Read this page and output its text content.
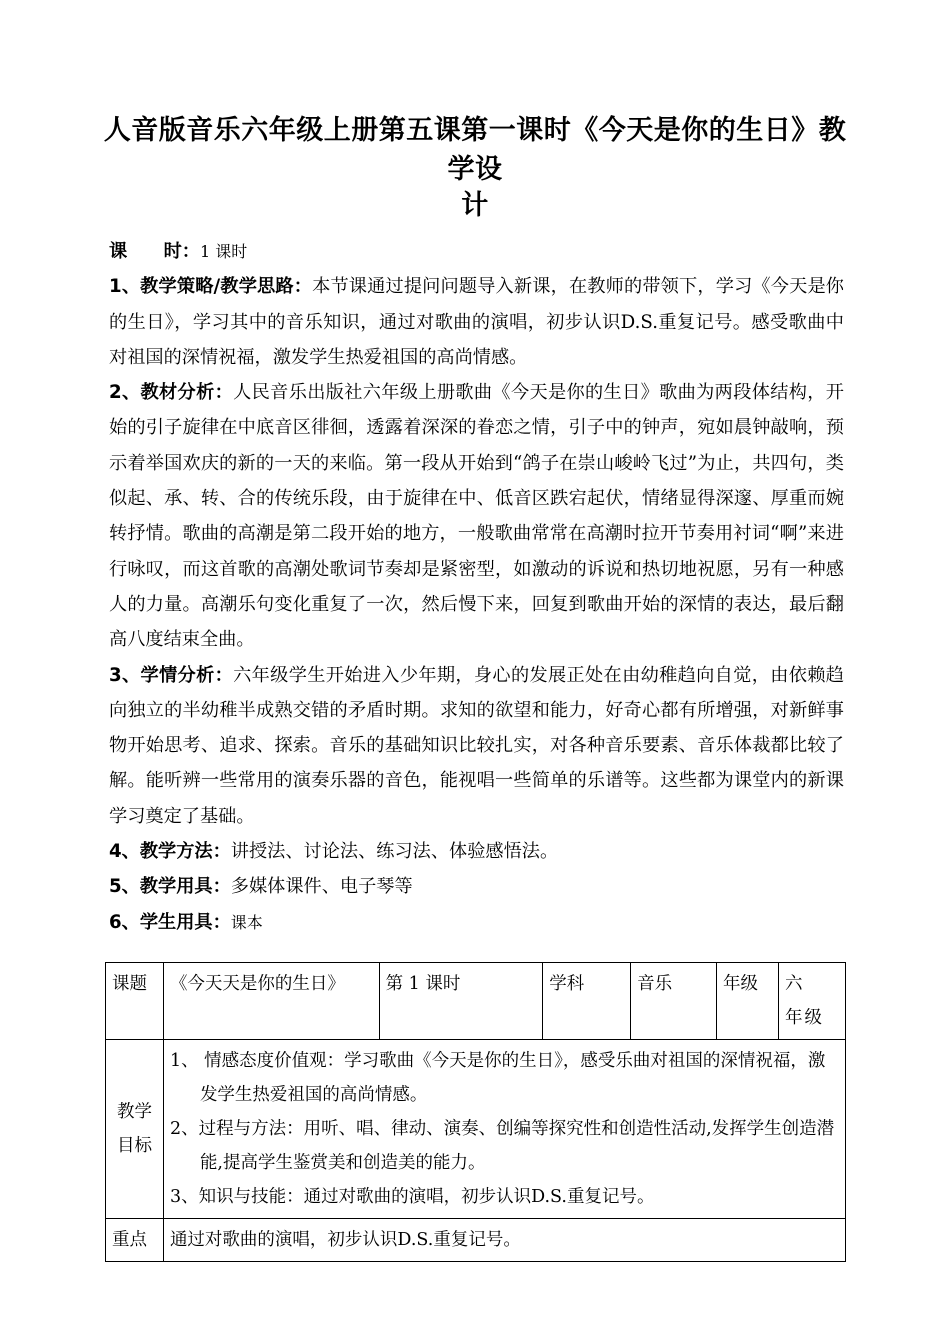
人音版音乐六年级上册第五课第一课时《今天是你的生日》教学设
计

课　　时：1 课时

1、教学策略/教学思路：本节课通过提问问题导入新课，在教师的带领下，学习《今天是你的生日》，学习其中的音乐知识，通过对歌曲的演唱，初步认识D.S.重复记号。感受歌曲中对祖国的深情祝福，激发学生热爱祖国的高尚情感。

2、教材分析：人民音乐出版社六年级上册歌曲《今天是你的生日》歌曲为两段体结构，开始的引子旋律在中底音区徘徊，透露着深深的眷恋之情，引子中的钟声，宛如晨钟敲响，预示着举国欢庆的新的一天的来临。第一段从开始到“鸽子在崇山峻岭飞过”为止，共四句，类似起、承、转、合的传统乐段，由于旋律在中、低音区跌宕起伏，情绪显得深邃、厚重而婉转抒情。歌曲的高潮是第二段开始的地方，一般歌曲常常在高潮时拉开节奏用衬词“啊”来进行咏叹，而这首歌的高潮处歌词节奏却是紧密型，如激动的诉说和热切地祝愿，另有一种感人的力量。高潮乐句变化重复了一次，然后慢下来，回复到歌曲开始的深情的表达，最后翻高八度结束全曲。

3、学情分析：六年级学生开始进入少年期，身心的发展正处在由幼稚趋向自觉，由依赖趋向独立的半幼稚半成熟交错的矛盾时期。求知的欲望和能力，好奇心都有所增强，对新鲜事物开始思考、追求、探索。音乐的基础知识比较扎实，对各种音乐要素、音乐体裁都比较了解。能听辨一些常用的演奏乐器的音色，能视唱一些简单的乐谱等。这些都为课堂内的新课学习奠定了基础。

4、教学方法：讲授法、讨论法、练习法、体验感悟法。

5、教学用具：多媒体课件、电子琴等

6、学生用具：课本

课题	《今天天是你的生日》	第 1 课时	学科	音乐	年级	六　年级
教学目标	1、 情感态度价值观：学习歌曲《今天是你的生日》，感受乐曲对祖国的深情祝福，激发学生热爱祖国的高尚情感。
2、过程与方法：用听、唱、律动、演奏、创编等探究性和创造性活动,发挥学生创造潜能,提高学生鉴赏美和创造美的能力。
3、知识与技能：通过对歌曲的演唱，初步认识D.S.重复记号。					

重点	通过对歌曲的演唱，初步认识D.S.重复记号。					
